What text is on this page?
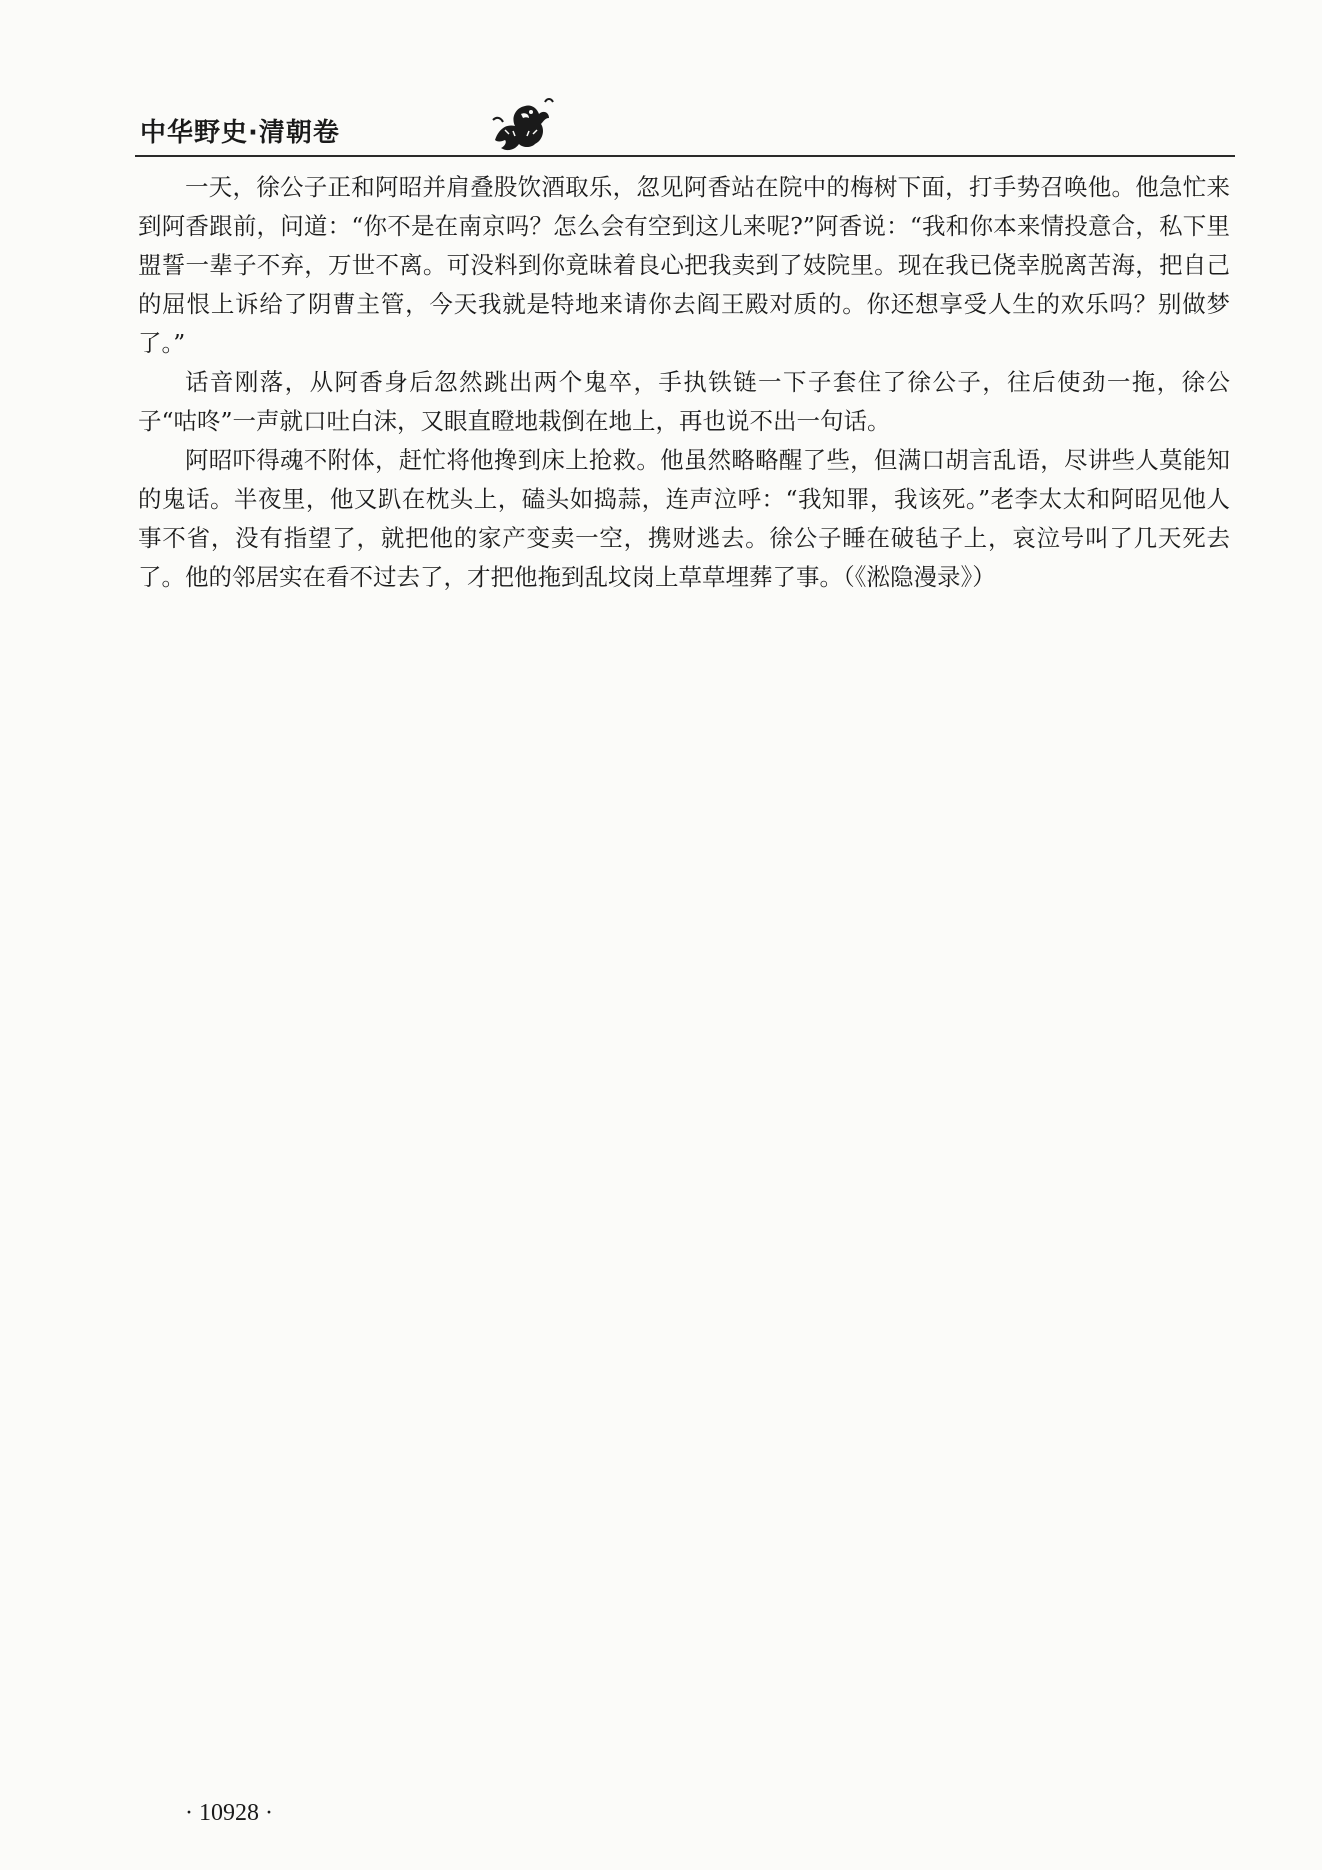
中华野史·清朝卷

一天，徐公子正和阿昭并肩叠股饮酒取乐，忽见阿香站在院中的梅树下面，打手势召唤他。他急忙来到阿香跟前，问道：“你不是在南京吗？怎么会有空到这儿来呢?”阿香说：“我和你本来情投意合，私下里盟誓一辈子不弃，万世不离。可没料到你竟昧着良心把我卖到了妓院里。现在我已侥幸脱离苦海，把自己的屈恨上诉给了阴曹主管，今天我就是特地来请你去阎王殿对质的。你还想享受人生的欢乐吗？别做梦了。”

话音刚落，从阿香身后忽然跳出两个鬼卒，手执铁链一下子套住了徐公子，往后使劲一拖，徐公子“咕咚”一声就口吐白沫，又眼直瞪地栽倒在地上，再也说不出一句话。

阿昭吓得魂不附体，赶忙将他搀到床上抢救。他虽然略略醒了些，但满口胡言乱语，尽讲些人莫能知的鬼话。半夜里，他又趴在枕头上，磕头如捣蒜，连声泣呼：“我知罪，我该死。”老李太太和阿昭见他人事不省，没有指望了，就把他的家产变卖一空，携财逃去。徐公子睡在破毡子上，哀泣号叫了几天死去了。他的邻居实在看不过去了，才把他拖到乱坟岗上草草埋葬了事。（《淞隐漫录》）

· 10928 ·
